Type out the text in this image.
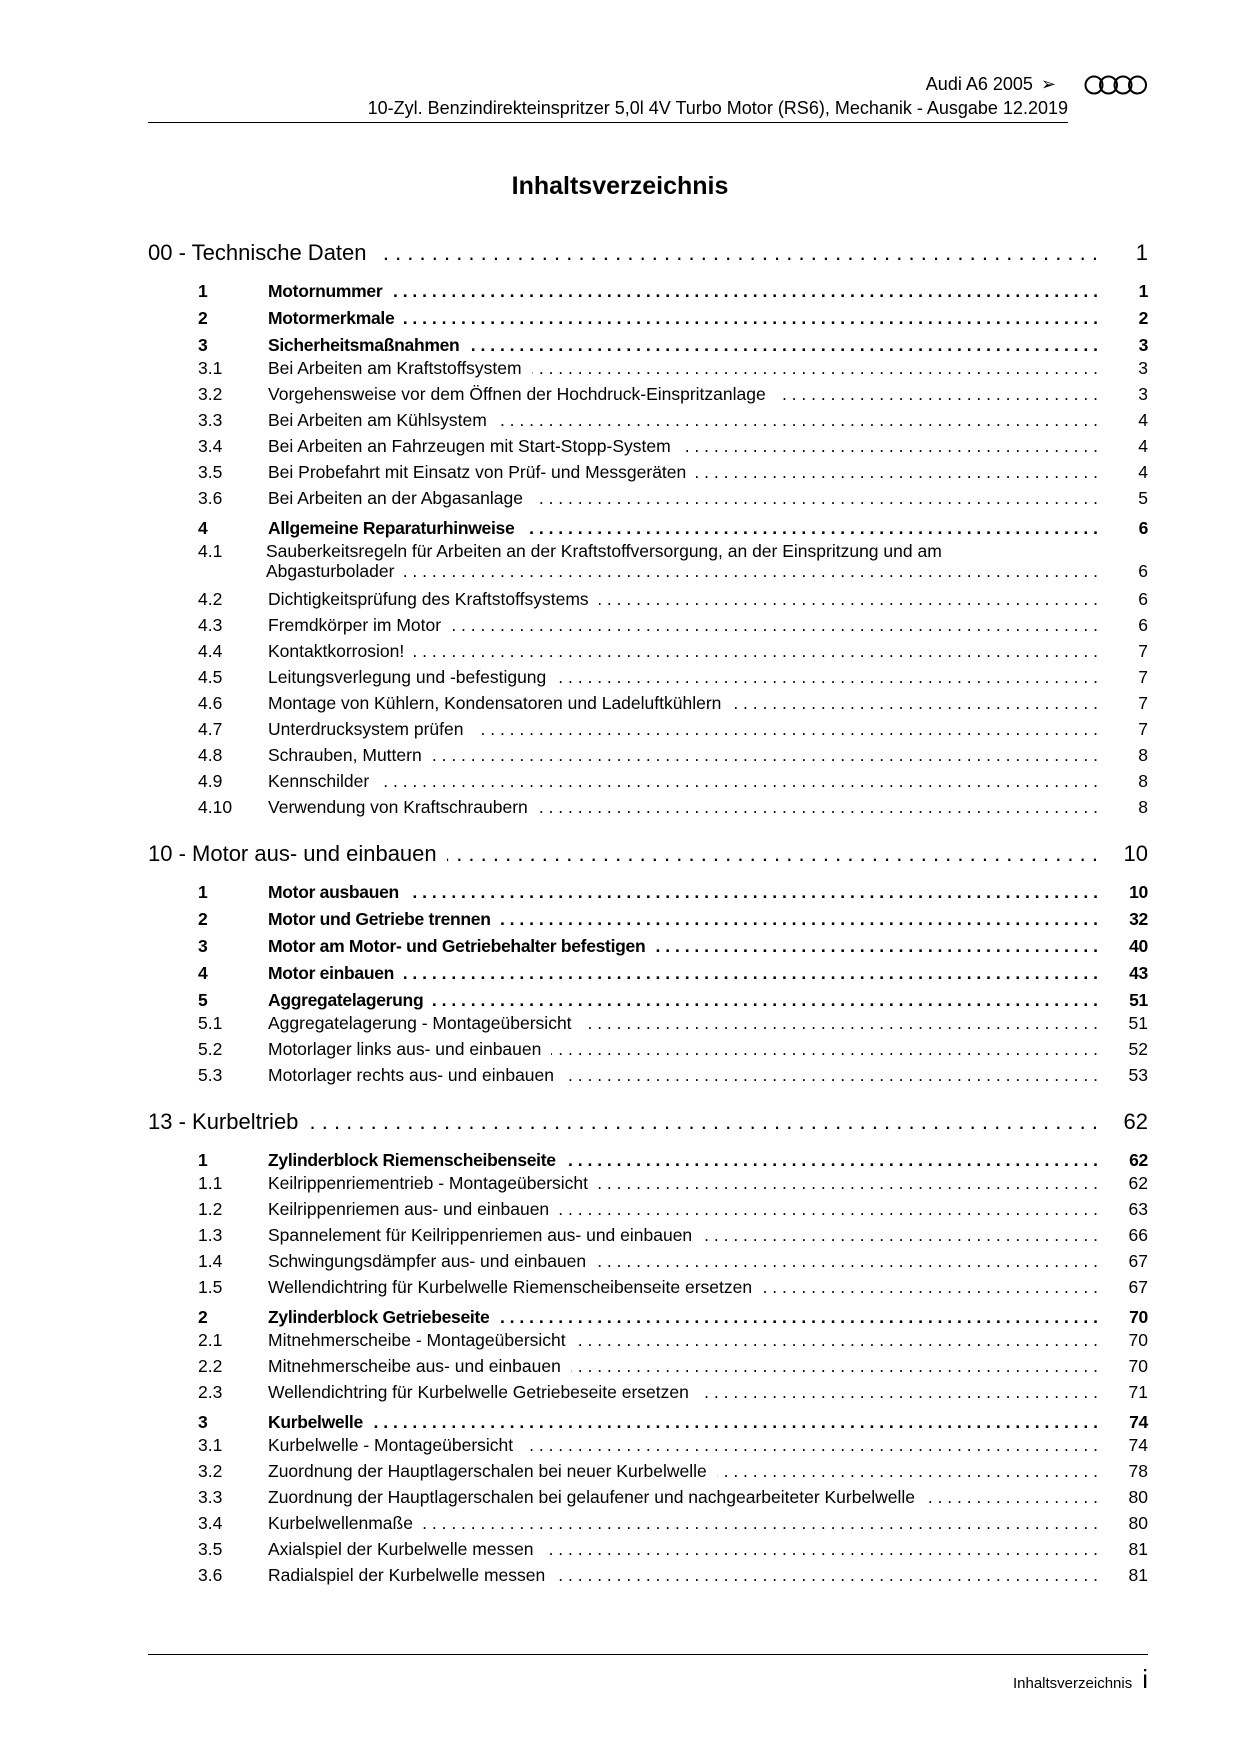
Audi A6 2005 ➢
10-Zyl. Benzindirekteinspritzer 5,0l 4V Turbo Motor (RS6), Mechanik - Ausgabe 12.2019
Inhaltsverzeichnis
00 - Technische Daten . . .	1
1	Motornummer . . .	1
2	Motormerkmale . . .	2
3	Sicherheitsmaßnahmen . . .	3
3.1	Bei Arbeiten am Kraftstoffsystem . . .	3
3.2	Vorgehensweise vor dem Öffnen der Hochdruck-Einspritzanlage . . .	3
3.3	Bei Arbeiten am Kühlsystem . . .	4
3.4	Bei Arbeiten an Fahrzeugen mit Start-Stopp-System . . .	4
3.5	Bei Probefahrt mit Einsatz von Prüf- und Messgeräten . . .	4
3.6	Bei Arbeiten an der Abgasanlage . . .	5
4	Allgemeine Reparaturhinweise . . .	6
4.1 Sauberkeitsregeln für Arbeiten an der Kraftstoffversorgung, an der Einspritzung und am
Abgasturbolader . . .	6
4.2	Dichtigkeitsprüfung des Kraftstoffsystems . . .	6
4.3	Fremdkörper im Motor . . .	6
4.4	Kontaktkorrosion! . . .	7
4.5	Leitungsverlegung und -befestigung . . .	7
4.6	Montage von Kühlern, Kondensatoren und Ladeluftkühlern . . .	7
4.7	Unterdrucksystem prüfen . . .	7
4.8	Schrauben, Muttern . . .	8
4.9	Kennschilder . . .	8
4.10	Verwendung von Kraftschraubern . . .	8
10 - Motor aus- und einbauen . . .	10
1	Motor ausbauen . . .	10
2	Motor und Getriebe trennen . . .	32
3	Motor am Motor- und Getriebehalter befestigen . . .	40
4	Motor einbauen . . .	43
5	Aggregatelagerung . . .	51
5.1	Aggregatelagerung - Montageübersicht . . .	51
5.2	Motorlager links aus- und einbauen . . .	52
5.3	Motorlager rechts aus- und einbauen . . .	53
13 - Kurbeltrieb . . .	62
1	Zylinderblock Riemenscheibenseite . . .	62
1.1	Keilrippenriementrieb - Montageübersicht . . .	62
1.2	Keilrippenriemen aus- und einbauen . . .	63
1.3	Spannelement für Keilrippenriemen aus- und einbauen . . .	66
1.4	Schwingungsdämpfer aus- und einbauen . . .	67
1.5	Wellendichtring für Kurbelwelle Riemenscheibenseite ersetzen . . .	67
2	Zylinderblock Getriebeseite . . .	70
2.1	Mitnehmerscheibe - Montageübersicht . . .	70
2.2	Mitnehmerscheibe aus- und einbauen . . .	70
2.3	Wellendichtring für Kurbelwelle Getriebeseite ersetzen . . .	71
3	Kurbelwelle . . .	74
3.1	Kurbelwelle - Montageübersicht . . .	74
3.2	Zuordnung der Hauptlagerschalen bei neuer Kurbelwelle . . .	78
3.3	Zuordnung der Hauptlagerschalen bei gelaufener und nachgearbeiteter Kurbelwelle . . .	80
3.4	Kurbelwellenmaße . . .	80
3.5	Axialspiel der Kurbelwelle messen . . .	81
3.6	Radialspiel der Kurbelwelle messen . . .	81
Inhaltsverzeichnis i
